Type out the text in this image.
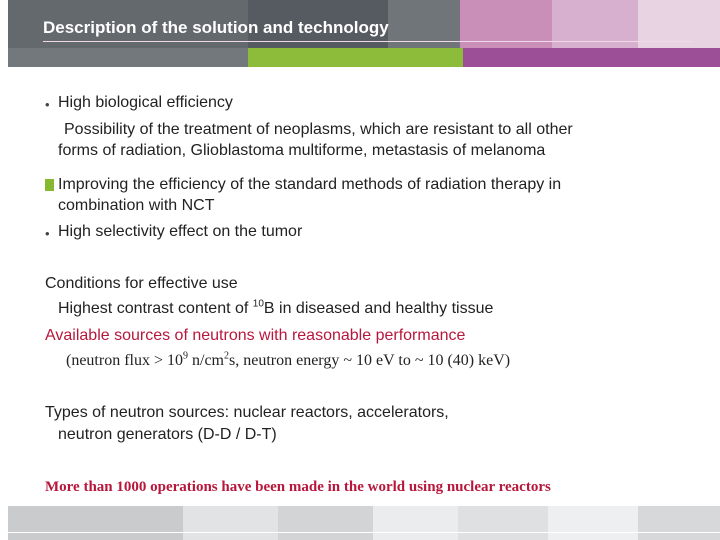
Description of the solution and technology
• High biological efficiency

Possibility of the treatment of neoplasms, which are resistant to all other

forms of radiation, Glioblastoma multiforme, metastasis of melanoma

Improving the efficiency of the standard methods of radiation therapy in

combination with NCT

• High selectivity effect on the tumor

Conditions for effective use

Highest contrast content of $^{10}$B in diseased and healthy tissue

Available sources of neutrons with reasonable performance

(neutron flux > $10^9$ $n/cm^2s$, neutron energy ~ 10 eV to ~ 10 (40) keV)

Types of neutron sources: nuclear reactors, accelerators,

neutron generators (D-D / D-T)

More than 1000 operations have been made in the world using nuclear reactors
